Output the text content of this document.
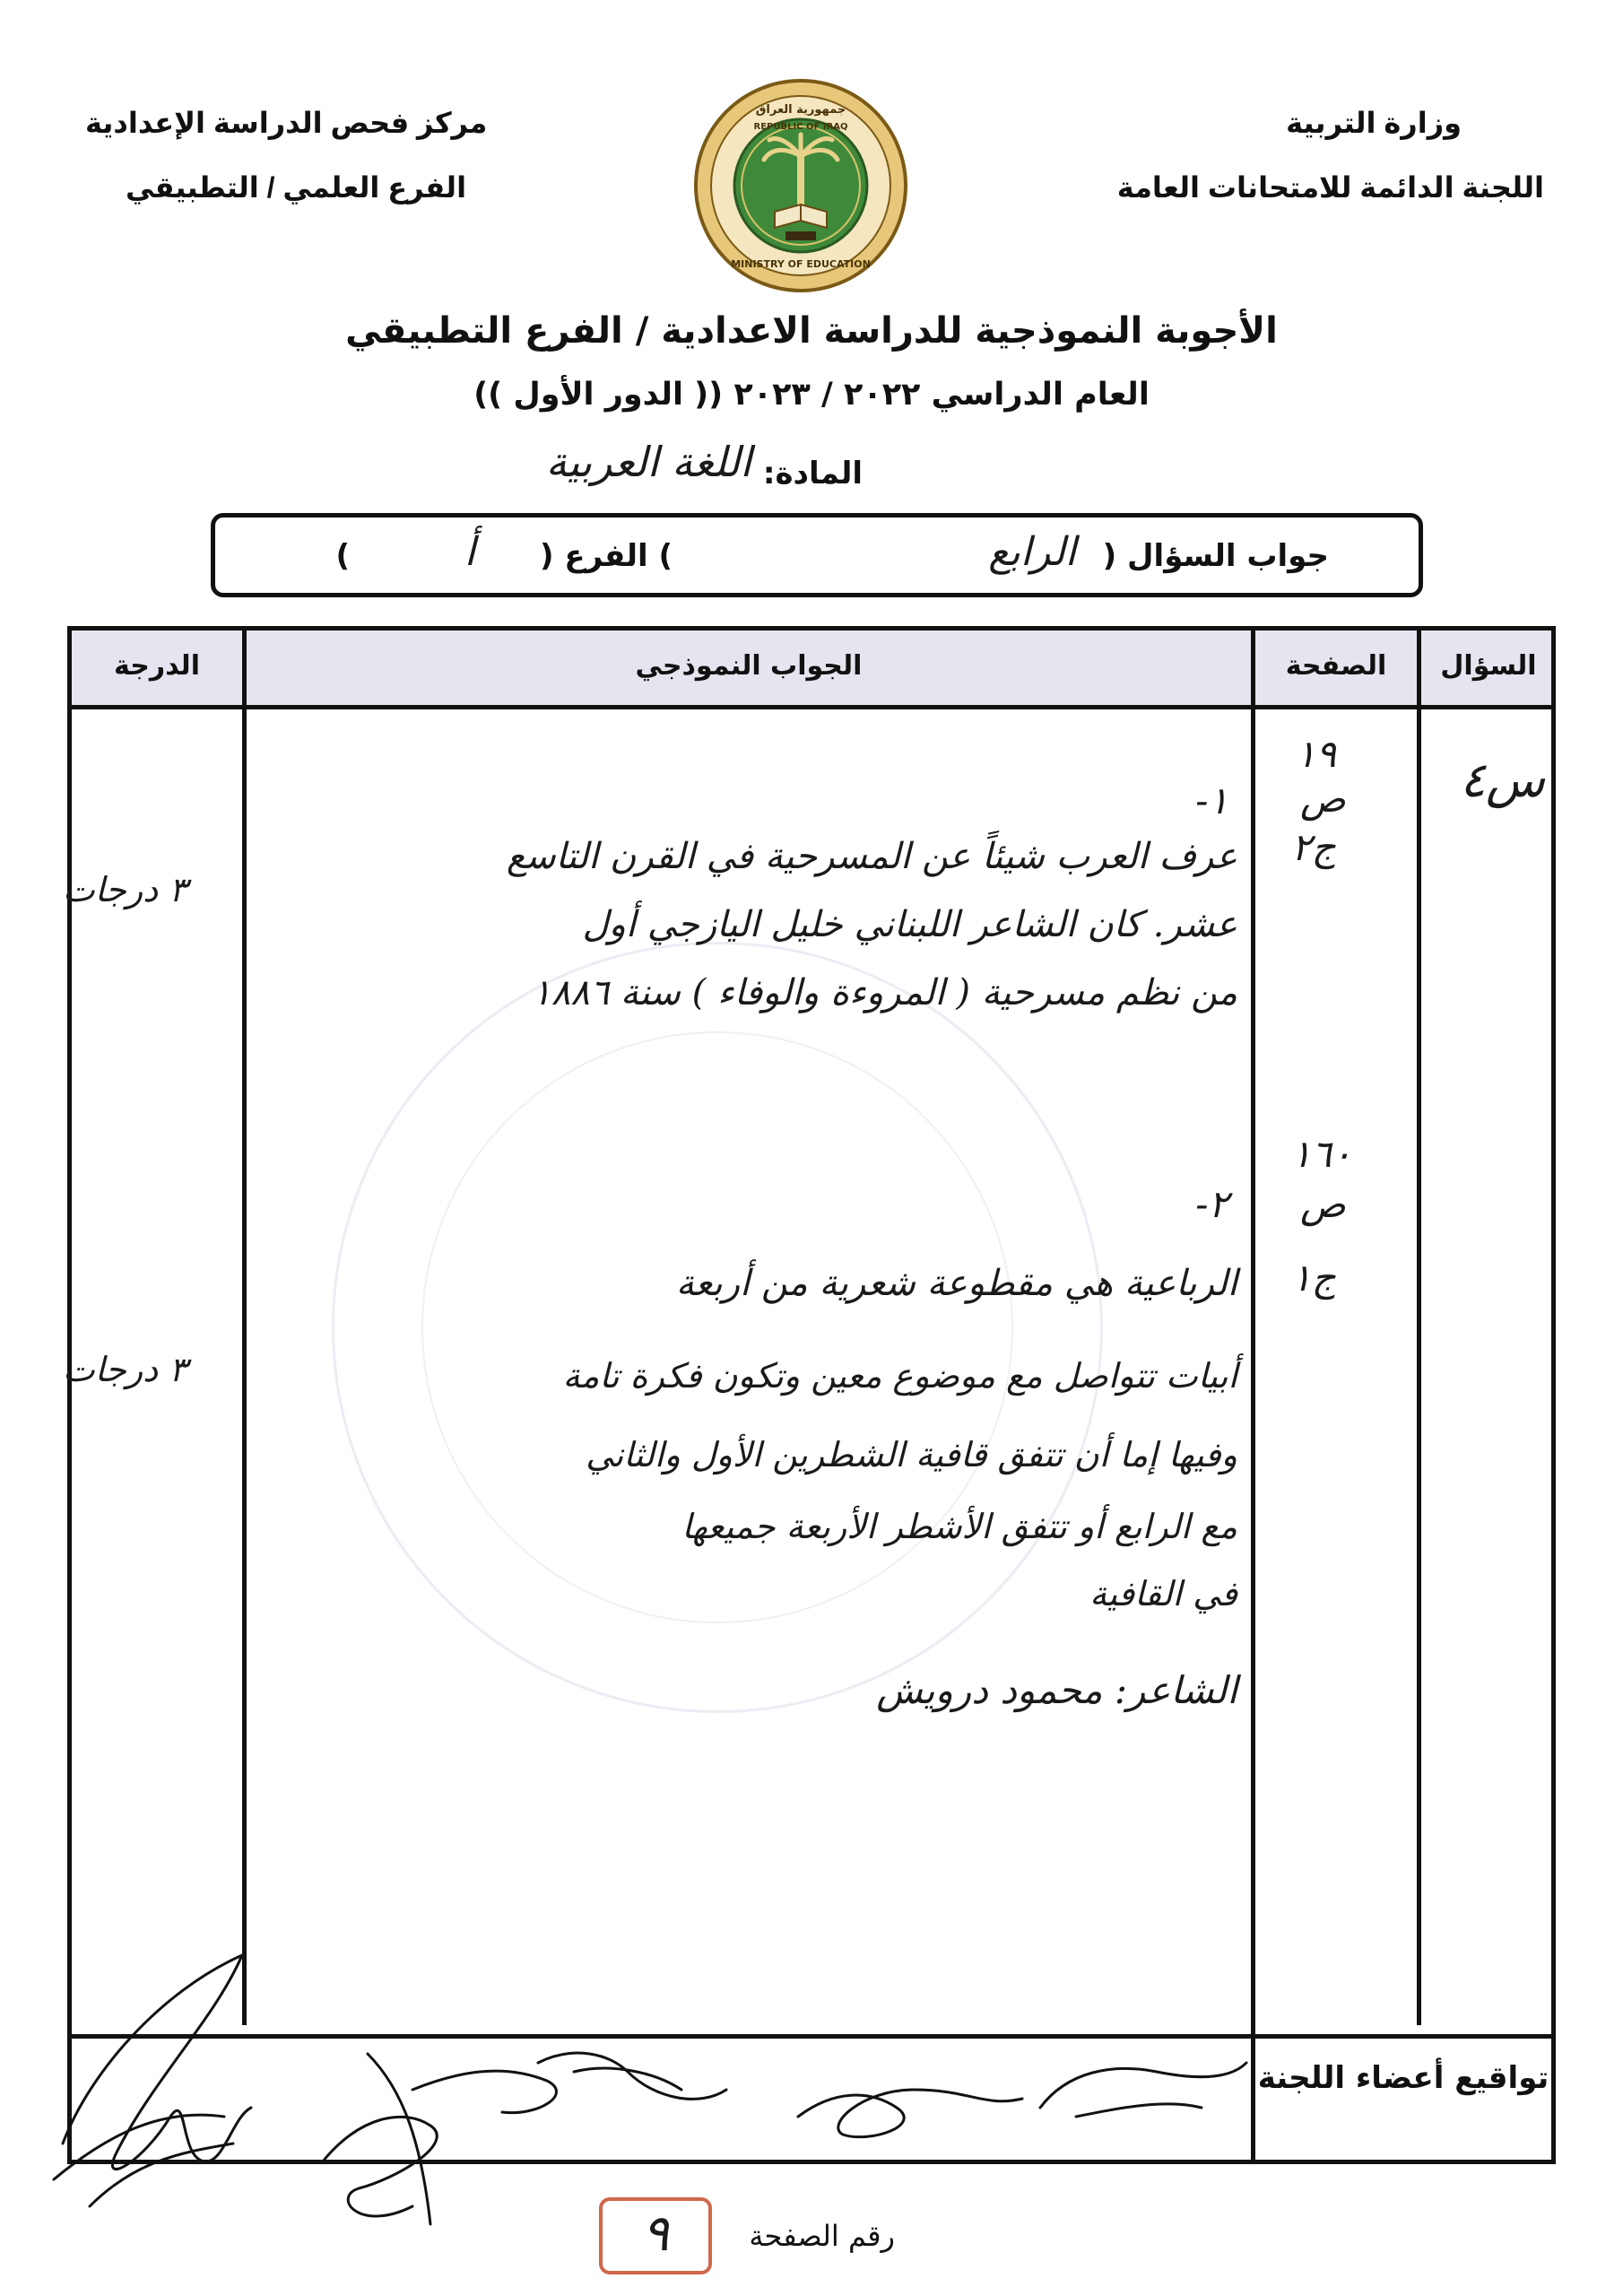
وزارة التربية
اللجنة الدائمة للامتحانات العامة
مركز فحص الدراسة الإعدادية
الفرع العلمي / التطبيقي
جمهورية العراق
REPUBLIC OF IRAQ
MINISTRY OF EDUCATION
الأجوبة النموذجية للدراسة الاعدادية / الفرع التطبيقي
العام الدراسي ٢٠٢٢ / ٢٠٢٣ (( الدور الأول ))
المادة:
اللغة العربية
جواب السؤال (
الرابع
) الفرع (
أ
)
السؤال
الصفحة
الجواب النموذجي
الدرجة
س٤
١٩
ص
ج٢
١-
عرف العرب شيئاً عن المسرحية في القرن التاسع
عشر. كان الشاعر اللبناني خليل اليازجي أول
من نظم مسرحية ( المروءة والوفاء ) سنة ١٨٨٦
٣ درجات
١٦٠
ص
ج١
٢-
الرباعية هي مقطوعة شعرية من أربعة
أبيات تتواصل مع موضوع معين وتكون فكرة تامة
وفيها إما أن تتفق قافية الشطرين الأول والثاني
مع الرابع أو تتفق الأشطر الأربعة جميعها
في القافية
الشاعر: محمود درويش
٣ درجات
تواقيع أعضاء اللجنة
رقم الصفحة
٩
